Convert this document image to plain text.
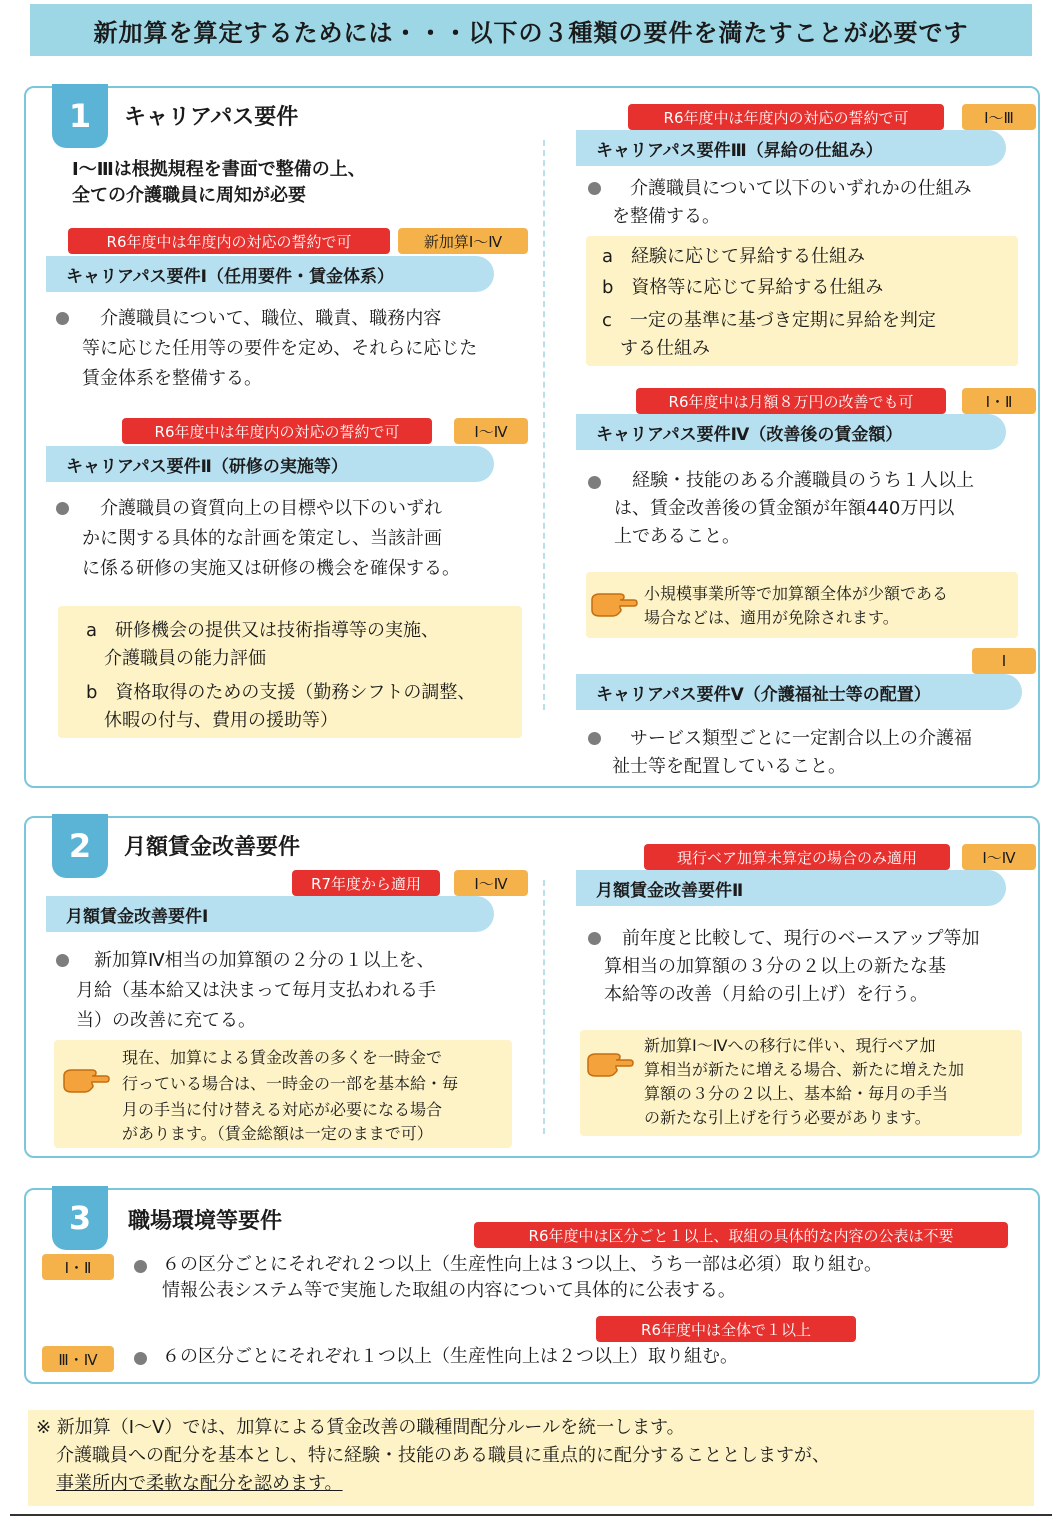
新加算を算定するためには・・・以下の３種類の要件を満たすことが必要です
1	キャリアパス要件
Ⅰ～Ⅲは根拠規程を書面で整備の上、
全ての介護職員に周知が必要
キャリアパス要件Ⅰ（任用要件・賃金体系）
R6年度中は年度内の対応の誓約で可	新加算Ⅰ～Ⅳ
　介護職員について、職位、職責、職務内容
等に応じた任用等の要件を定め、それらに応じた
賃金体系を整備する。
キャリアパス要件Ⅱ（研修の実施等）
R6年度中は年度内の対応の誓約で可	Ⅰ～Ⅳ
　介護職員の資質向上の目標や以下のいずれ
かに関する具体的な計画を策定し、当該計画
に係る研修の実施又は研修の機会を確保する。
a　研修機会の提供又は技術指導等の実施、
　介護職員の能力評価
b　資格取得のための支援（勤務シフトの調整、
　休暇の付与、費用の援助等）
キャリアパス要件Ⅲ（昇給の仕組み）
R6年度中は年度内の対応の誓約で可	Ⅰ～Ⅲ
　介護職員について以下のいずれかの仕組み
を整備する。
a　経験に応じて昇給する仕組み
b　資格等に応じて昇給する仕組み
c　一定の基準に基づき定期に昇給を判定
　する仕組み
キャリアパス要件Ⅳ（改善後の賃金額）
R6年度中は月額８万円の改善でも可	Ⅰ・Ⅱ
　経験・技能のある介護職員のうち１人以上
は、賃金改善後の賃金額が年額440万円以
上であること。
小規模事業所等で加算額全体が少額である
場合などは、適用が免除されます。
キャリアパス要件Ⅴ（介護福祉士等の配置）
Ⅰ
　サービス類型ごとに一定割合以上の介護福
祉士等を配置していること。
2	月額賃金改善要件
月額賃金改善要件Ⅰ
R7年度から適用	Ⅰ～Ⅳ
　新加算Ⅳ相当の加算額の２分の１以上を、
月給（基本給又は決まって毎月支払われる手
当）の改善に充てる。
現在、加算による賃金改善の多くを一時金で
行っている場合は、一時金の一部を基本給・毎
月の手当に付け替える対応が必要になる場合
があります。（賃金総額は一定のままで可）
月額賃金改善要件Ⅱ
現行ベア加算未算定の場合のみ適用	Ⅰ～Ⅳ
　前年度と比較して、現行のベースアップ等加
算相当の加算額の３分の２以上の新たな基
本給等の改善（月給の引上げ）を行う。
新加算Ⅰ～Ⅳへの移行に伴い、現行ベア加
算相当が新たに増える場合、新たに増えた加
算額の３分の２以上、基本給・毎月の手当
の新たな引上げを行う必要があります。
3	職場環境等要件
R6年度中は区分ごと１以上、取組の具体的な内容の公表は不要
Ⅰ・Ⅱ	６の区分ごとにそれぞれ２つ以上（生産性向上は３つ以上、うち一部は必須）取り組む。
情報公表システム等で実施した取組の内容について具体的に公表する。
R6年度中は全体で１以上
Ⅲ・Ⅳ	６の区分ごとにそれぞれ１つ以上（生産性向上は２つ以上）取り組む。
※ 新加算（Ⅰ～Ⅴ）では、加算による賃金改善の職種間配分ルールを統一します。
介護職員への配分を基本とし、特に経験・技能のある職員に重点的に配分することとしますが、
事業所内で柔軟な配分を認めます。
